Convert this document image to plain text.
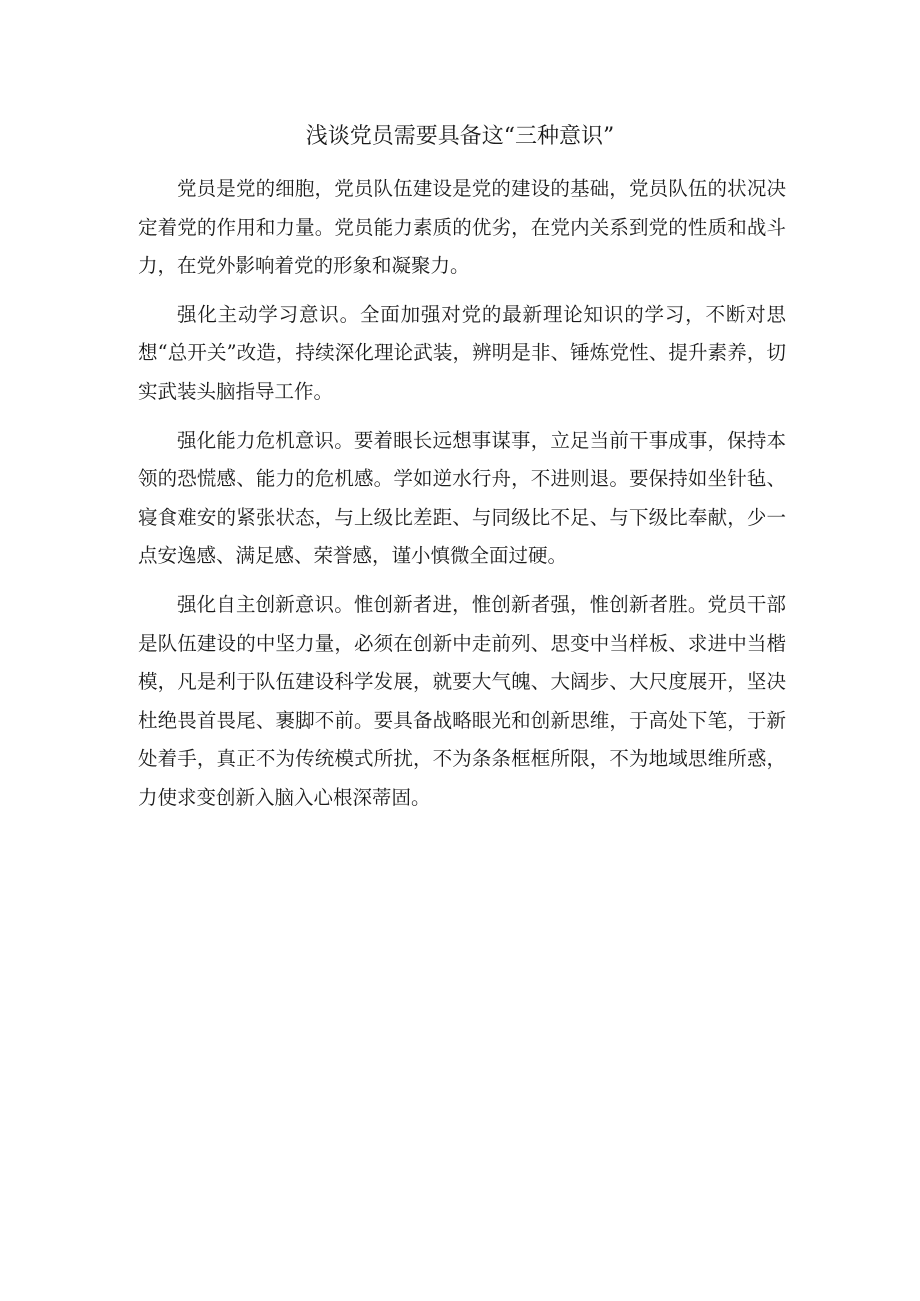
浅谈党员需要具备这“三种意识”

党员是党的细胞，党员队伍建设是党的建设的基础，党员队伍的状况决定着党的作用和力量。党员能力素质的优劣，在党内关系到党的性质和战斗力，在党外影响着党的形象和凝聚力。

强化主动学习意识。全面加强对党的最新理论知识的学习，不断对思想“总开关”改造，持续深化理论武装，辨明是非、锤炼党性、提升素养，切实武装头脑指导工作。

强化能力危机意识。要着眼长远想事谋事，立足当前干事成事，保持本领的恐慌感、能力的危机感。学如逆水行舟，不进则退。要保持如坐针毡、寝食难安的紧张状态，与上级比差距、与同级比不足、与下级比奉献，少一点安逸感、满足感、荣誉感，谨小慎微全面过硬。

强化自主创新意识。惟创新者进，惟创新者强，惟创新者胜。党员干部是队伍建设的中坚力量，必须在创新中走前列、思变中当样板、求进中当楷模，凡是利于队伍建设科学发展，就要大气魄、大阔步、大尺度展开，坚决杜绝畏首畏尾、裹脚不前。要具备战略眼光和创新思维，于高处下笔，于新处着手，真正不为传统模式所扰，不为条条框框所限，不为地域思维所惑，力使求变创新入脑入心根深蒂固。
